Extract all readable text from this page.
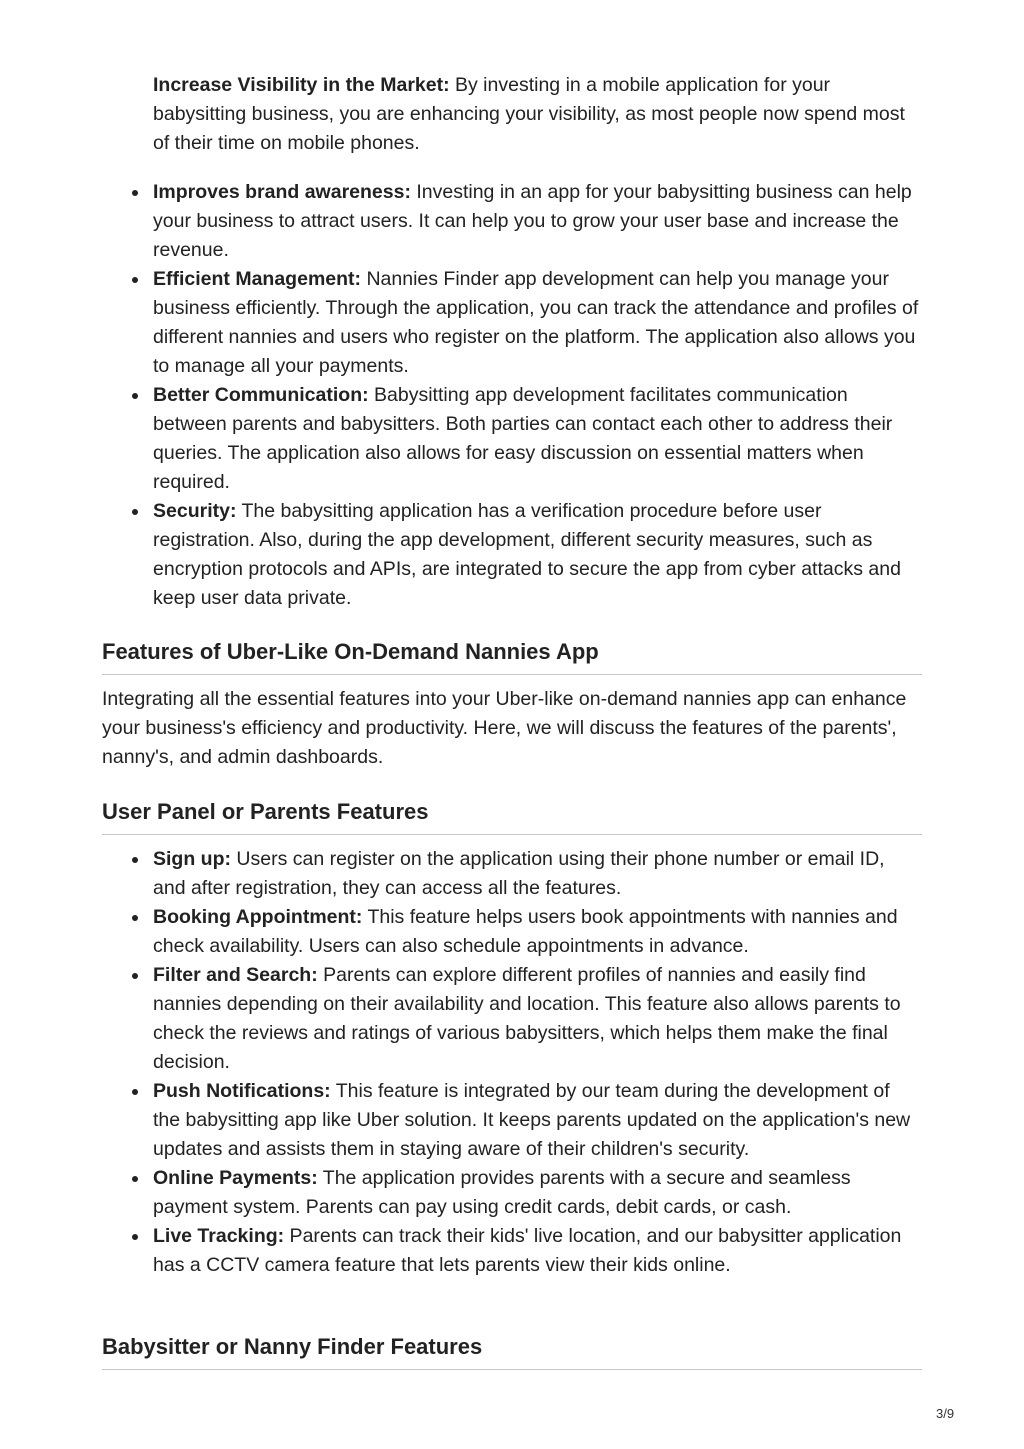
Increase Visibility in the Market: By investing in a mobile application for your babysitting business, you are enhancing your visibility, as most people now spend most of their time on mobile phones.

Improves brand awareness: Investing in an app for your babysitting business can help your business to attract users. It can help you to grow your user base and increase the revenue.
Efficient Management: Nannies Finder app development can help you manage your business efficiently. Through the application, you can track the attendance and profiles of different nannies and users who register on the platform. The application also allows you to manage all your payments.
Better Communication: Babysitting app development facilitates communication between parents and babysitters. Both parties can contact each other to address their queries. The application also allows for easy discussion on essential matters when required.
Security: The babysitting application has a verification procedure before user registration. Also, during the app development, different security measures, such as encryption protocols and APIs, are integrated to secure the app from cyber attacks and keep user data private.
Features of Uber-Like On-Demand Nannies App

Integrating all the essential features into your Uber-like on-demand nannies app can enhance your business's efficiency and productivity. Here, we will discuss the features of the parents', nanny's, and admin dashboards.

User Panel or Parents Features
Sign up: Users can register on the application using their phone number or email ID, and after registration, they can access all the features.
Booking Appointment: This feature helps users book appointments with nannies and check availability. Users can also schedule appointments in advance.
Filter and Search: Parents can explore different profiles of nannies and easily find nannies depending on their availability and location. This feature also allows parents to check the reviews and ratings of various babysitters, which helps them make the final decision.
Push Notifications: This feature is integrated by our team during the development of the babysitting app like Uber solution. It keeps parents updated on the application's new updates and assists them in staying aware of their children's security.
Online Payments: The application provides parents with a secure and seamless payment system. Parents can pay using credit cards, debit cards, or cash.
Live Tracking: Parents can track their kids' live location, and our babysitter application has a CCTV camera feature that lets parents view their kids online.
Babysitter or Nanny Finder Features
3/9
